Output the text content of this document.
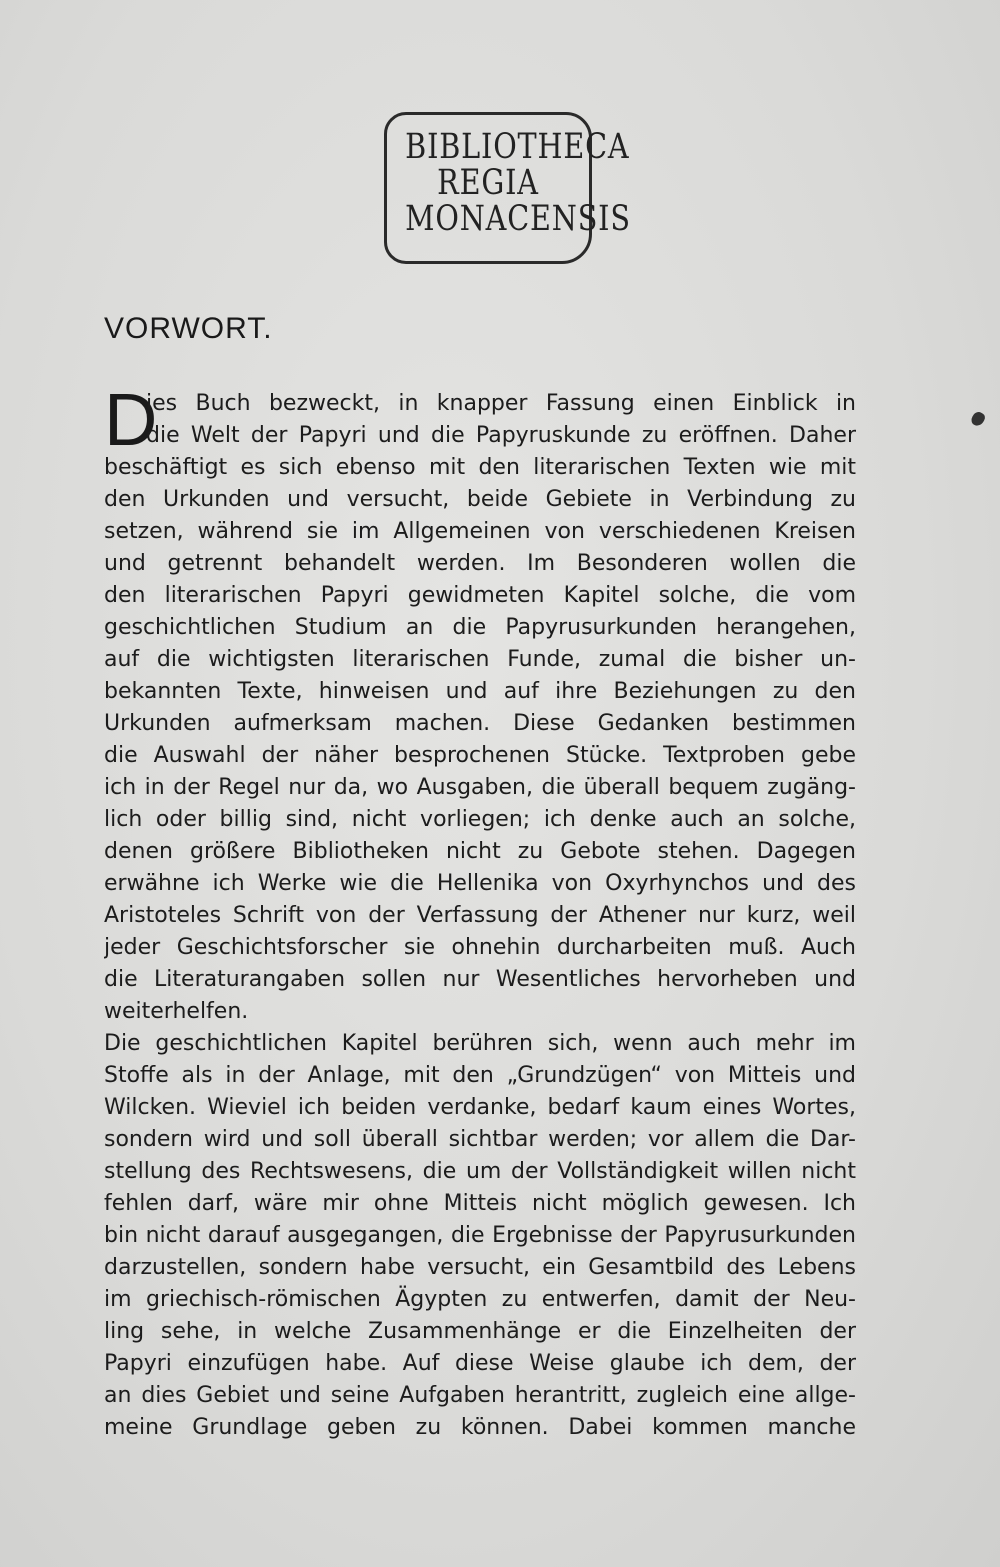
BIBLIOTHECA
REGIA
MONACENSIS
VORWORT.
D
ies Buch bezweckt, in knapper Fassung einen Einblick in
die Welt der Papyri und die Papyruskunde zu eröffnen. Daher
beschäftigt es sich ebenso mit den literarischen Texten wie mit
den Urkunden und versucht, beide Gebiete in Verbindung zu
setzen, während sie im Allgemeinen von verschiedenen Kreisen
und getrennt behandelt werden. Im Besonderen wollen die
den literarischen Papyri gewidmeten Kapitel solche, die vom
geschichtlichen Studium an die Papyrusurkunden herangehen,
auf die wichtigsten literarischen Funde, zumal die bisher un-
bekannten Texte, hinweisen und auf ihre Beziehungen zu den
Urkunden aufmerksam machen. Diese Gedanken bestimmen
die Auswahl der näher besprochenen Stücke. Textproben gebe
ich in der Regel nur da, wo Ausgaben, die überall bequem zugäng-
lich oder billig sind, nicht vorliegen; ich denke auch an solche,
denen größere Bibliotheken nicht zu Gebote stehen. Dagegen
erwähne ich Werke wie die Hellenika von Oxyrhynchos und des
Aristoteles Schrift von der Verfassung der Athener nur kurz, weil
jeder Geschichtsforscher sie ohnehin durcharbeiten muß. Auch
die Literaturangaben sollen nur Wesentliches hervorheben und
weiterhelfen.
Die geschichtlichen Kapitel berühren sich, wenn auch mehr im
Stoffe als in der Anlage, mit den „Grundzügen“ von Mitteis und
Wilcken. Wieviel ich beiden verdanke, bedarf kaum eines Wortes,
sondern wird und soll überall sichtbar werden; vor allem die Dar-
stellung des Rechtswesens, die um der Vollständigkeit willen nicht
fehlen darf, wäre mir ohne Mitteis nicht möglich gewesen. Ich
bin nicht darauf ausgegangen, die Ergebnisse der Papyrusurkunden
darzustellen, sondern habe versucht, ein Gesamtbild des Lebens
im griechisch-römischen Ägypten zu entwerfen, damit der Neu-
ling sehe, in welche Zusammenhänge er die Einzelheiten der
Papyri einzufügen habe. Auf diese Weise glaube ich dem, der
an dies Gebiet und seine Aufgaben herantritt, zugleich eine allge-
meine Grundlage geben zu können. Dabei kommen manche
